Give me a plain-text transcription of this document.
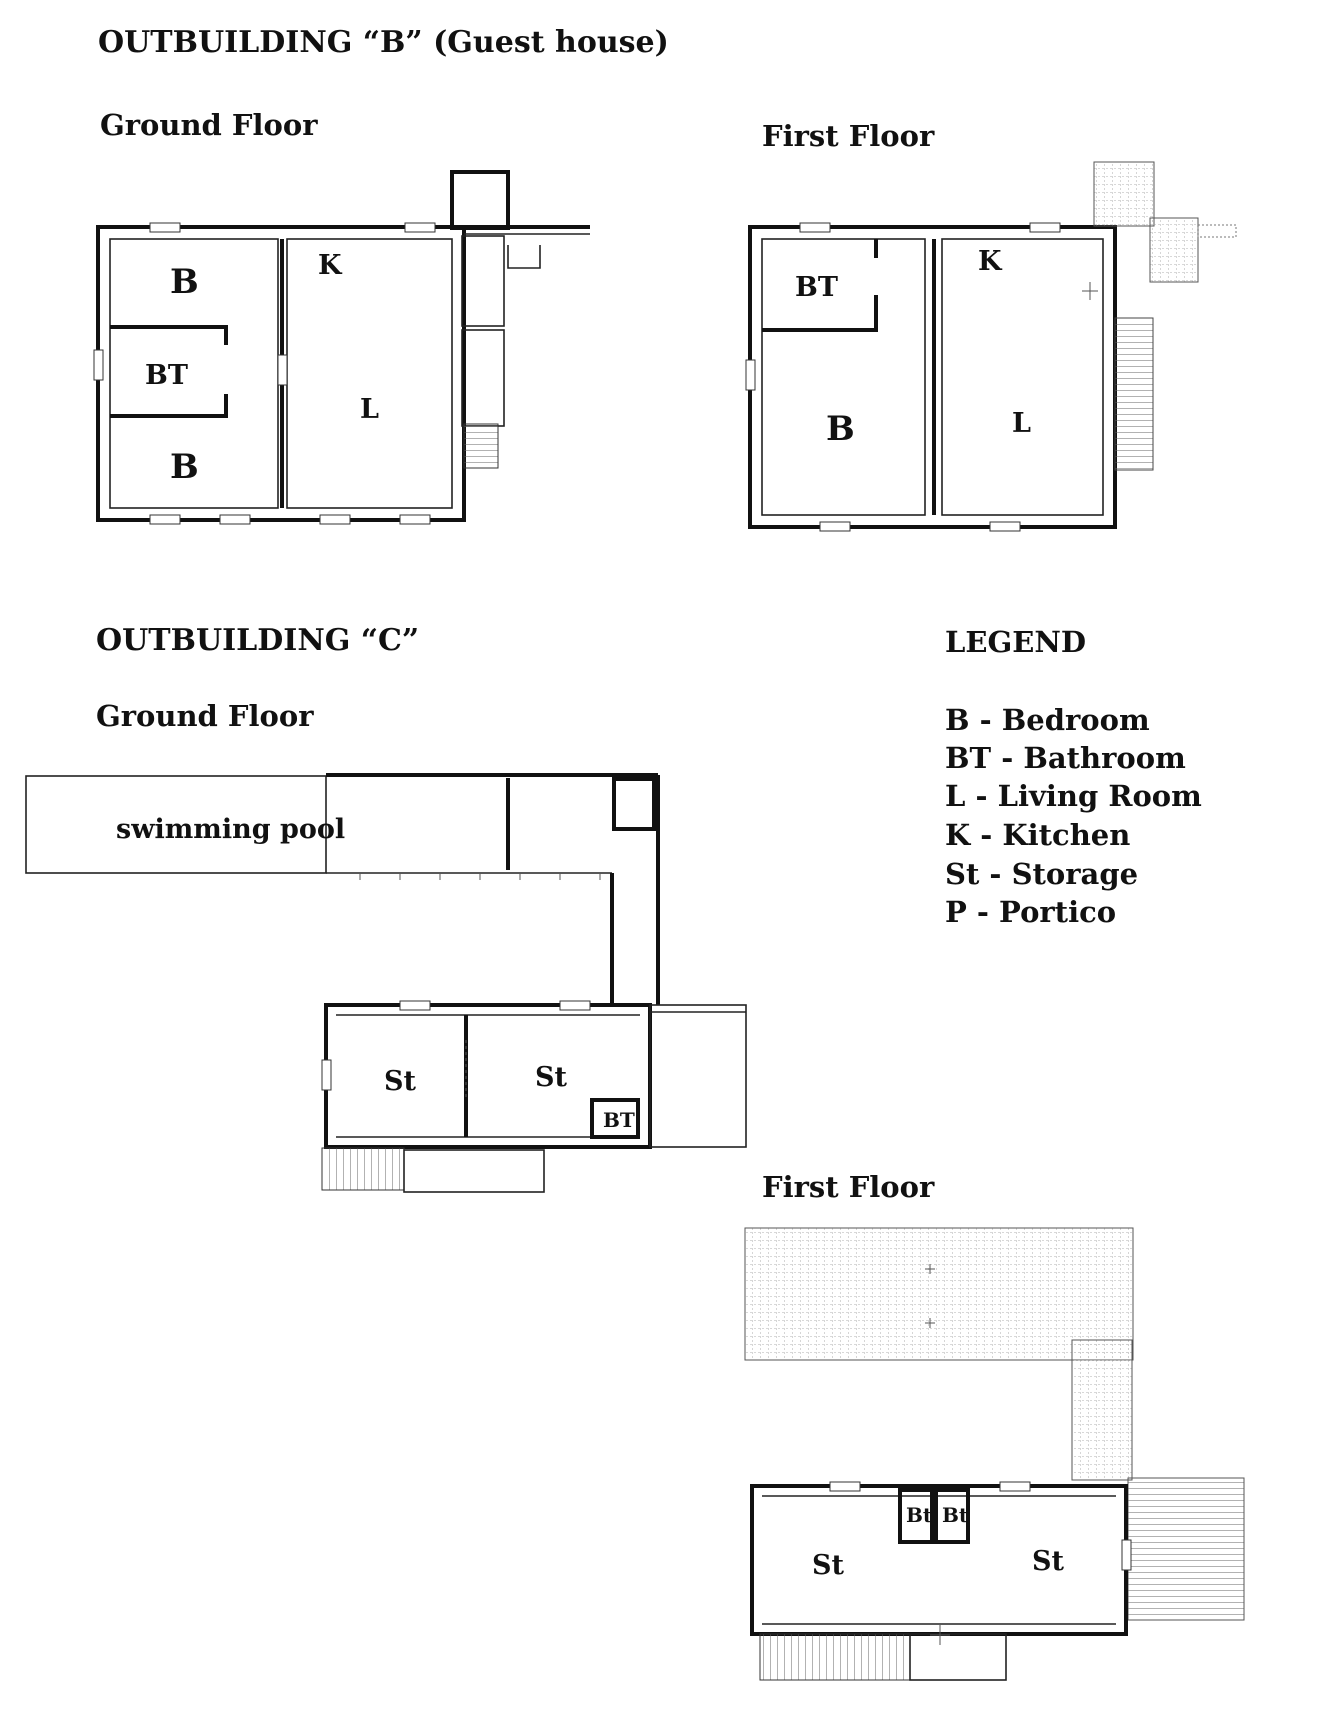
OUTBUILDING “B” (Guest house)
Ground Floor	First Floor
B
BT
B
K
L
BT
B
K
L
OUTBUILDING “C”
Ground Floor
swimming pool
St	St
BT
LEGEND
B - Bedroom
BT - Bathroom
L - Living Room
K - Kitchen
St - Storage
P - Portico
First Floor
St	St
Bt Bt
